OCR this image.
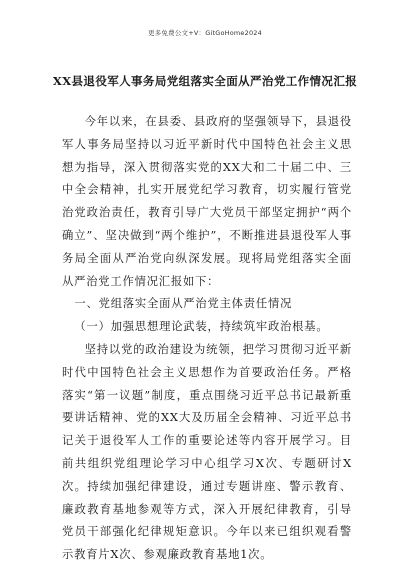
更多免费公文+V：GitGoHome2024
XX县退役军人事务局党组落实全面从严治党工作情况汇报

今年以来，在县委、县政府的坚强领导下，县退役军人事务局坚持以习近平新时代中国特色社会主义思想为指导，深入贯彻落实党的XX大和二十届二中、三中全会精神，扎实开展党纪学习教育，切实履行管党治党政治责任，教育引导广大党员干部坚定拥护“两个确立”、坚决做到“两个维护”，不断推进县退役军人事务局全面从严治党向纵深发展。现将局党组落实全面从严治党工作情况汇报如下：

一、党组落实全面从严治党主体责任情况

（一）加强思想理论武装，持续筑牢政治根基。

坚持以党的政治建设为统领，把学习贯彻习近平新时代中国特色社会主义思想作为首要政治任务。严格落实“第一议题”制度，重点围绕习近平总书记最新重要讲话精神、党的XX大及历届全会精神、习近平总书记关于退役军人工作的重要论述等内容开展学习。目前共组织党组理论学习中心组学习X次、专题研讨X次。持续加强纪律建设，通过专题讲座、警示教育、廉政教育基地参观等方式，深入开展纪律教育，引导党员干部强化纪律规矩意识。今年以来已组织观看警示教育片X次、参观廉政教育基地1次。
